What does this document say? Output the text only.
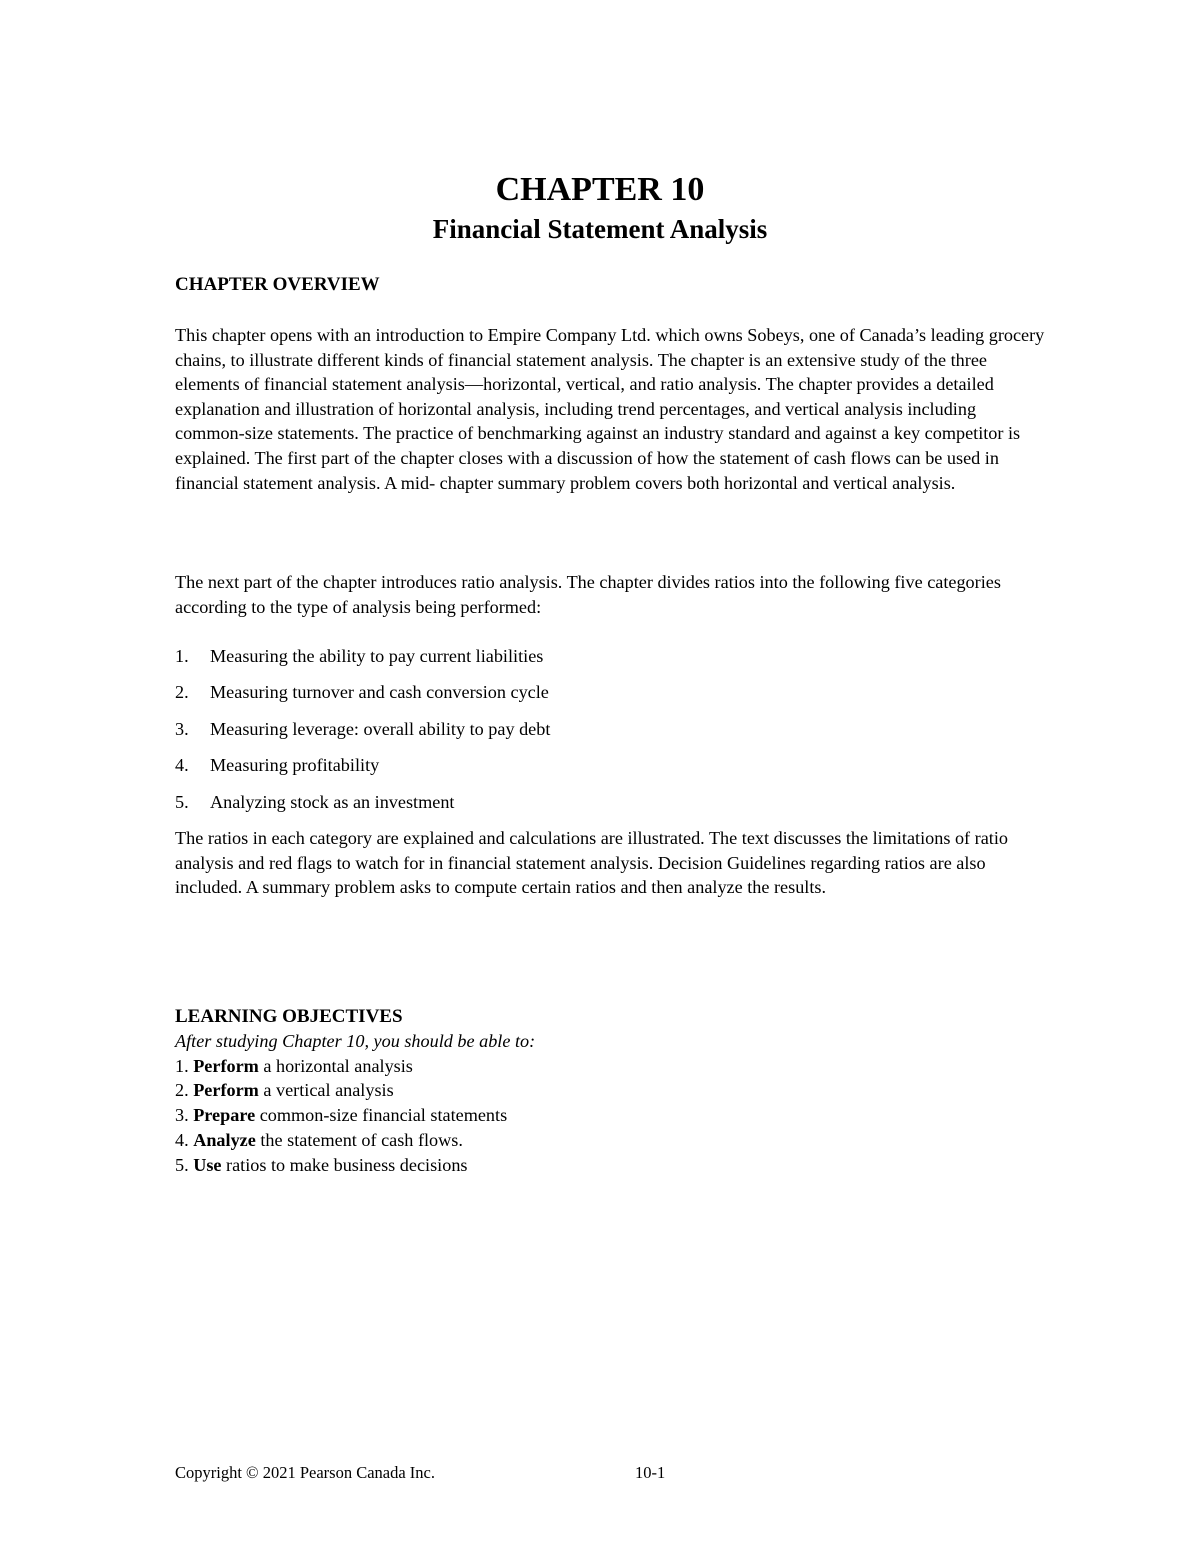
CHAPTER 10
Financial Statement Analysis
CHAPTER OVERVIEW
This chapter opens with an introduction to Empire Company Ltd. which owns Sobeys, one of Canada’s leading grocery chains, to illustrate different kinds of financial statement analysis. The chapter is an extensive study of the three elements of financial statement analysis—horizontal, vertical, and ratio analysis. The chapter provides a detailed explanation and illustration of horizontal analysis, including trend percentages, and vertical analysis including common-size statements. The practice of benchmarking against an industry standard and against a key competitor is explained. The first part of the chapter closes with a discussion of how the statement of cash flows can be used in financial statement analysis. A mid- chapter summary problem covers both horizontal and vertical analysis.
The next part of the chapter introduces ratio analysis. The chapter divides ratios into the following five categories according to the type of analysis being performed:
1. Measuring the ability to pay current liabilities
2. Measuring turnover and cash conversion cycle
3. Measuring leverage: overall ability to pay debt
4. Measuring profitability
5. Analyzing stock as an investment
The ratios in each category are explained and calculations are illustrated. The text discusses the limitations of ratio analysis and red flags to watch for in financial statement analysis. Decision Guidelines regarding ratios are also included. A summary problem asks to compute certain ratios and then analyze the results.
LEARNING OBJECTIVES
After studying Chapter 10, you should be able to:
1. Perform a horizontal analysis
2. Perform a vertical analysis
3. Prepare common-size financial statements
4. Analyze the statement of cash flows.
5. Use ratios to make business decisions
Copyright © 2021 Pearson Canada Inc.	10-1
